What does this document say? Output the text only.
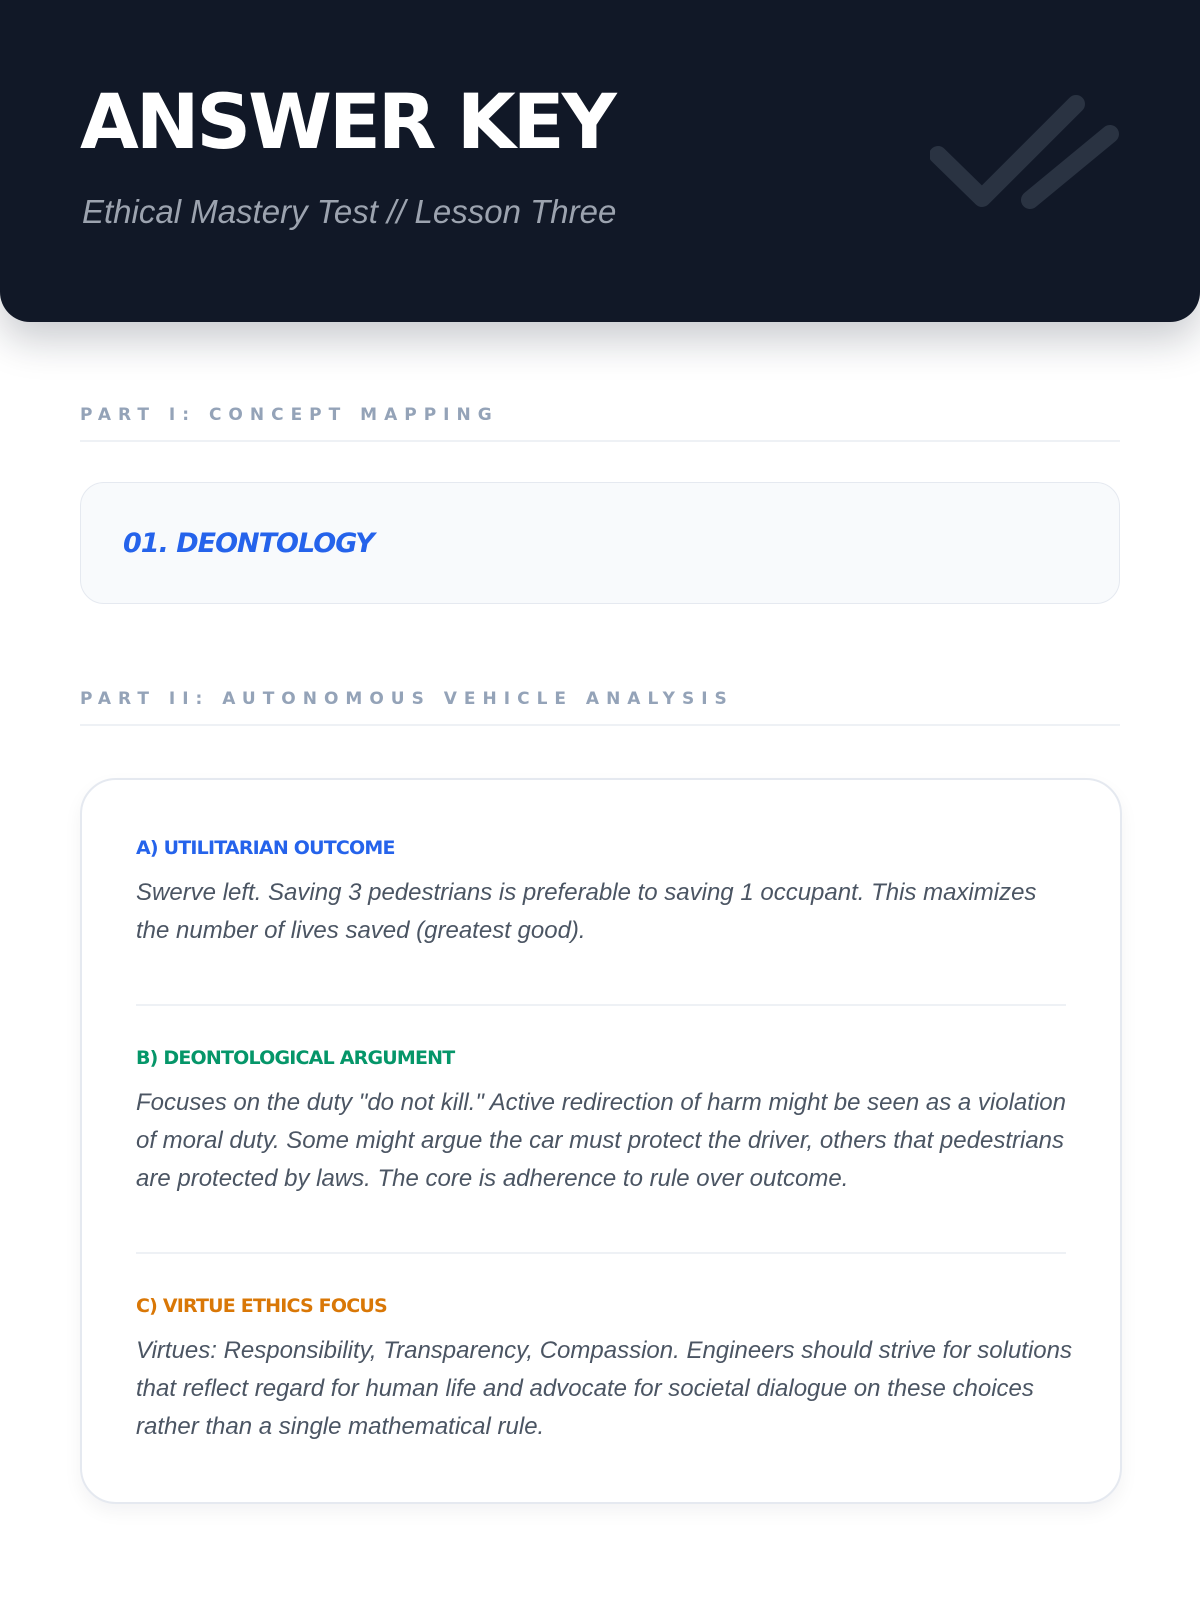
ANSWER KEY

Ethical Mastery Test // Lesson Three

PART I: CONCEPT MAPPING

01. DEONTOLOGY

PART II: AUTONOMOUS VEHICLE ANALYSIS

A) UTILITARIAN OUTCOME

Swerve left. Saving 3 pedestrians is preferable to saving 1 occupant. This maximizes the number of lives saved (greatest good).

B) DEONTOLOGICAL ARGUMENT

Focuses on the duty "do not kill." Active redirection of harm might be seen as a violation of moral duty. Some might argue the car must protect the driver, others that pedestrians are protected by laws. The core is adherence to rule over outcome.

C) VIRTUE ETHICS FOCUS

Virtues: Responsibility, Transparency, Compassion. Engineers should strive for solutions that reflect regard for human life and advocate for societal dialogue on these choices rather than a single mathematical rule.
